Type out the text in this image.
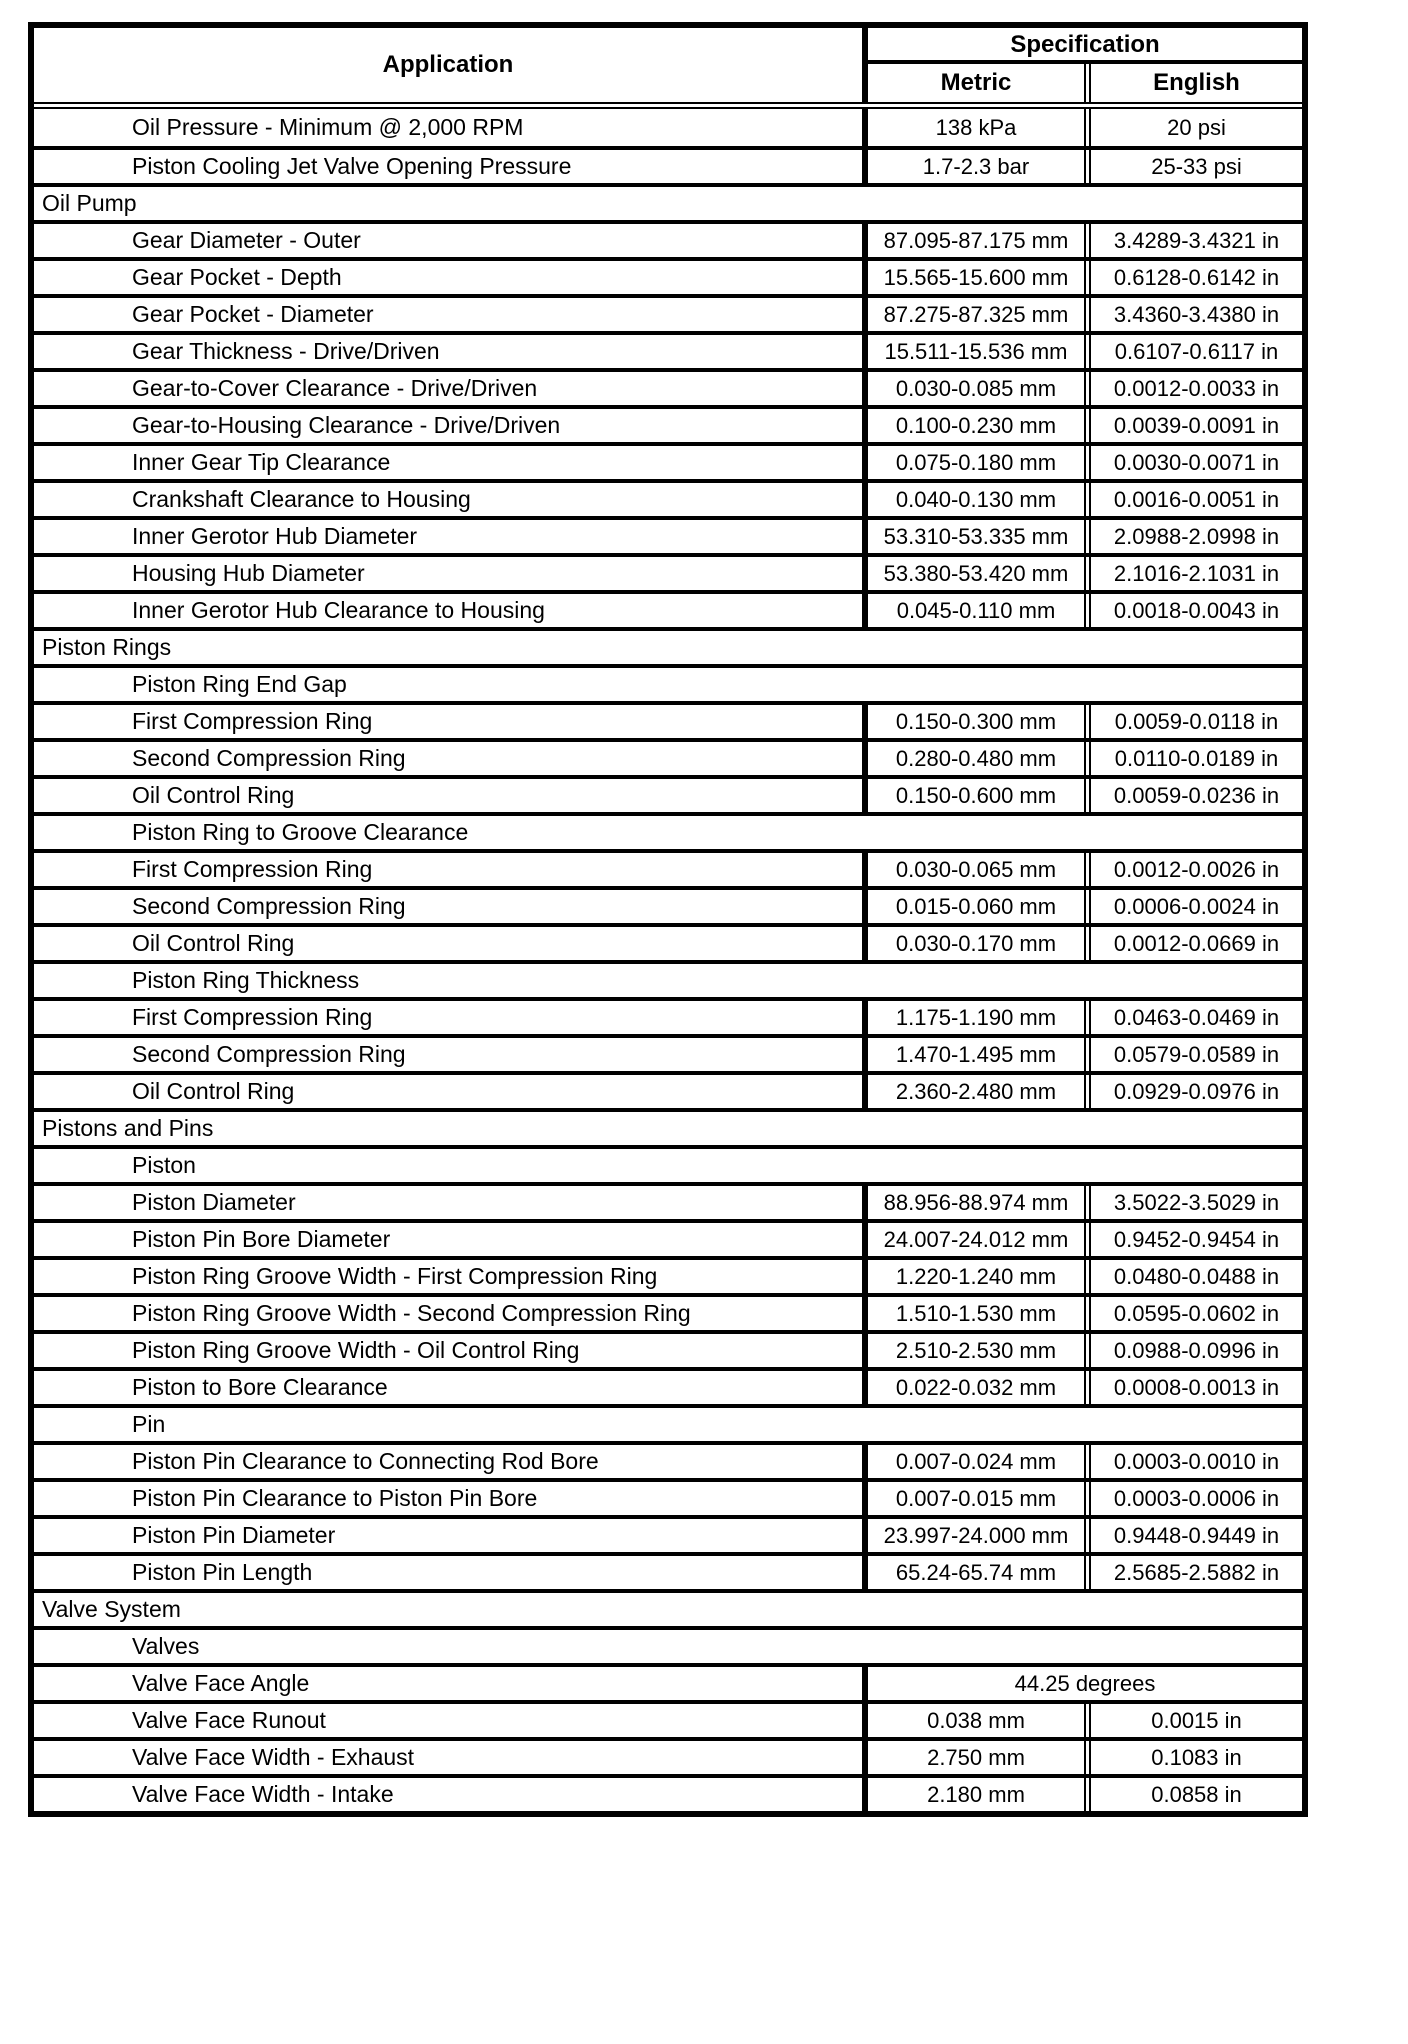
Application
Specification
Metric	English
Oil Pressure - Minimum @ 2,000 RPM	138 kPa	20 psi
Piston Cooling Jet Valve Opening Pressure	1.7-2.3 bar	25-33 psi
Oil Pump
Gear Diameter - Outer	87.095-87.175 mm	3.4289-3.4321 in
Gear Pocket - Depth	15.565-15.600 mm	0.6128-0.6142 in
Gear Pocket - Diameter	87.275-87.325 mm	3.4360-3.4380 in
Gear Thickness - Drive/Driven	15.511-15.536 mm	0.6107-0.6117 in
Gear-to-Cover Clearance - Drive/Driven	0.030-0.085 mm	0.0012-0.0033 in
Gear-to-Housing Clearance - Drive/Driven	0.100-0.230 mm	0.0039-0.0091 in
Inner Gear Tip Clearance	0.075-0.180 mm	0.0030-0.0071 in
Crankshaft Clearance to Housing	0.040-0.130 mm	0.0016-0.0051 in
Inner Gerotor Hub Diameter	53.310-53.335 mm	2.0988-2.0998 in
Housing Hub Diameter	53.380-53.420 mm	2.1016-2.1031 in
Inner Gerotor Hub Clearance to Housing	0.045-0.110 mm	0.0018-0.0043 in
Piston Rings
Piston Ring End Gap
First Compression Ring	0.150-0.300 mm	0.0059-0.0118 in
Second Compression Ring	0.280-0.480 mm	0.0110-0.0189 in
Oil Control Ring	0.150-0.600 mm	0.0059-0.0236 in
Piston Ring to Groove Clearance
First Compression Ring	0.030-0.065 mm	0.0012-0.0026 in
Second Compression Ring	0.015-0.060 mm	0.0006-0.0024 in
Oil Control Ring	0.030-0.170 mm	0.0012-0.0669 in
Piston Ring Thickness
First Compression Ring	1.175-1.190 mm	0.0463-0.0469 in
Second Compression Ring	1.470-1.495 mm	0.0579-0.0589 in
Oil Control Ring	2.360-2.480 mm	0.0929-0.0976 in
Pistons and Pins
Piston
Piston Diameter	88.956-88.974 mm	3.5022-3.5029 in
Piston Pin Bore Diameter	24.007-24.012 mm	0.9452-0.9454 in
Piston Ring Groove Width - First Compression Ring	1.220-1.240 mm	0.0480-0.0488 in
Piston Ring Groove Width - Second Compression Ring	1.510-1.530 mm	0.0595-0.0602 in
Piston Ring Groove Width - Oil Control Ring	2.510-2.530 mm	0.0988-0.0996 in
Piston to Bore Clearance	0.022-0.032 mm	0.0008-0.0013 in
Pin
Piston Pin Clearance to Connecting Rod Bore	0.007-0.024 mm	0.0003-0.0010 in
Piston Pin Clearance to Piston Pin Bore	0.007-0.015 mm	0.0003-0.0006 in
Piston Pin Diameter	23.997-24.000 mm	0.9448-0.9449 in
Piston Pin Length	65.24-65.74 mm	2.5685-2.5882 in
Valve System
Valves
Valve Face Angle	44.25 degrees
Valve Face Runout	0.038 mm	0.0015 in
Valve Face Width - Exhaust	2.750 mm	0.1083 in
Valve Face Width - Intake	2.180 mm	0.0858 in
